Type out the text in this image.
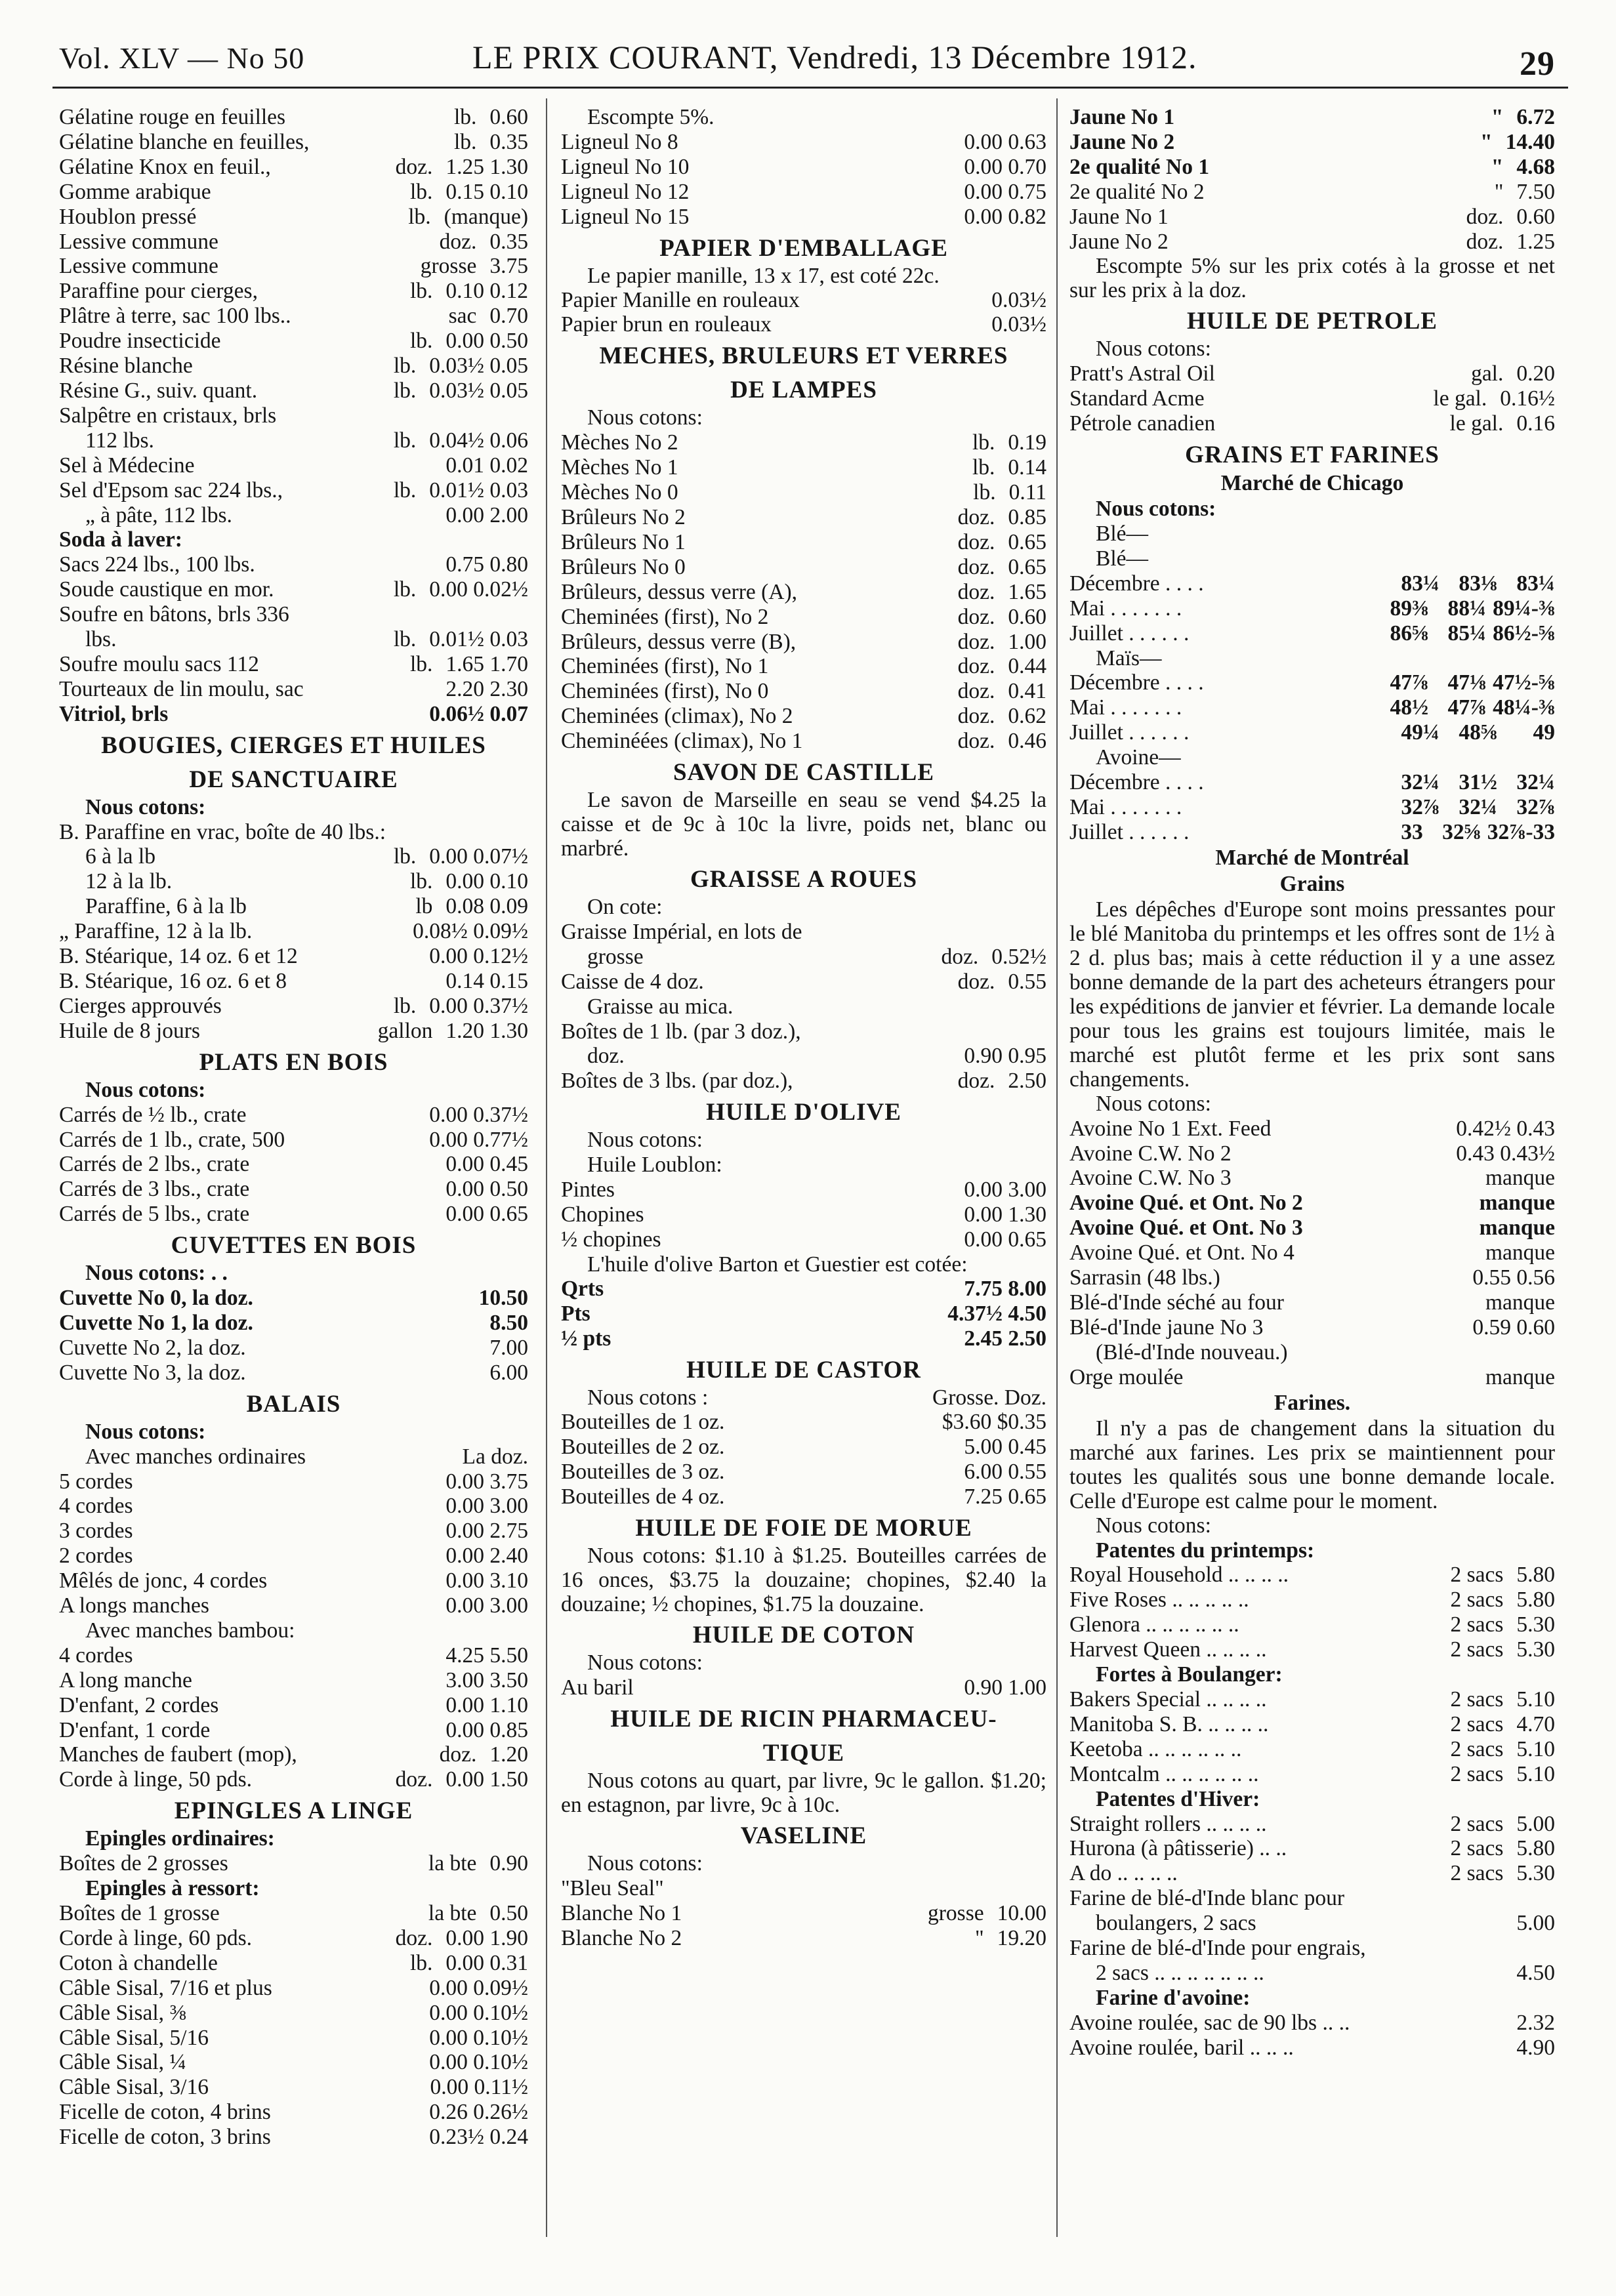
Vol. XLV — No 50	LE PRIX COURANT, Vendredi, 13 Décembre 1912.	29
Gélatine rouge en feuilles	lb. 0.60
Gélatine blanche en feuilles,	lb. 0.35
Gélatine Knox en feuil.,	doz. 1.25 1.30
Gomme arabique	lb. 0.15 0.10
Houblon pressé	lb. (manque)
Lessive commune	doz. 0.35
Lessive commune	grosse 3.75
Paraffine pour cierges,	lb. 0.10 0.12
Plâtre à terre, sac 100 lbs..	sac 0.70
Poudre insecticide	lb. 0.00 0.50
Résine blanche	lb. 0.03½ 0.05
Résine G., suiv. quant.	lb. 0.03½ 0.05
Salpêtre en cristaux, brls
112 lbs.	lb. 0.04½ 0.06
Sel à Médecine	0.01 0.02
Sel d'Epsom sac 224 lbs.,	lb. 0.01½ 0.03
„ à pâte, 112 lbs.	0.00 2.00
Soda à laver:
Sacs 224 lbs., 100 lbs.	0.75 0.80
Soude caustique en mor.	lb. 0.00 0.02½
Soufre en bâtons, brls 336
lbs.	lb. 0.01½ 0.03
Soufre moulu sacs 112	lb. 1.65 1.70
Tourteaux de lin moulu, sac	2.20 2.30
Vitriol, brls	0.06½ 0.07
BOUGIES, CIERGES ET HUILES
DE SANCTUAIRE
Nous cotons:
B. Paraffine en vrac, boîte de 40 lbs.:
6 à la lb	lb. 0.00 0.07½
12 à la lb.	lb. 0.00 0.10
Paraffine, 6 à la lb	lb 0.08 0.09
„ Paraffine, 12 à la lb.	0.08½ 0.09½
B. Stéarique, 14 oz. 6 et 12	0.00 0.12½
B. Stéarique, 16 oz. 6 et 8	0.14 0.15
Cierges approuvés	lb. 0.00 0.37½
Huile de 8 jours	gallon 1.20 1.30
PLATS EN BOIS
Nous cotons:
Carrés de ½ lb., crate	0.00 0.37½
Carrés de 1 lb., crate, 500	0.00 0.77½
Carrés de 2 lbs., crate	0.00 0.45
Carrés de 3 lbs., crate	0.00 0.50
Carrés de 5 lbs., crate	0.00 0.65
CUVETTES EN BOIS
Nous cotons: . .
Cuvette No 0, la doz.	10.50
Cuvette No 1, la doz.	8.50
Cuvette No 2, la doz.	7.00
Cuvette No 3, la doz.	6.00
BALAIS
Nous cotons:
Avec manches ordinaires	La doz.
5 cordes	0.00 3.75
4 cordes	0.00 3.00
3 cordes	0.00 2.75
2 cordes	0.00 2.40
Mêlés de jonc, 4 cordes	0.00 3.10
A longs manches	0.00 3.00
Avec manches bambou:
4 cordes	4.25 5.50
A long manche	3.00 3.50
D'enfant, 2 cordes	0.00 1.10
D'enfant, 1 corde	0.00 0.85
Manches de faubert (mop),	doz. 1.20
Corde à linge, 50 pds.	doz. 0.00 1.50
EPINGLES A LINGE
Epingles ordinaires:
Boîtes de 2 grosses	la bte 0.90
Epingles à ressort:
Boîtes de 1 grosse	la bte 0.50
Corde à linge, 60 pds.	doz. 0.00 1.90
Coton à chandelle	lb. 0.00 0.31
Câble Sisal, 7/16 et plus	0.00 0.09½
Câble Sisal, ⅜	0.00 0.10½
Câble Sisal, 5/16	0.00 0.10½
Câble Sisal, ¼	0.00 0.10½
Câble Sisal, 3/16	0.00 0.11½
Ficelle de coton, 4 brins	0.26 0.26½
Ficelle de coton, 3 brins	0.23½ 0.24
Escompte 5%.
Ligneul No 8	0.00 0.63
Ligneul No 10	0.00 0.70
Ligneul No 12	0.00 0.75
Ligneul No 15	0.00 0.82
PAPIER D'EMBALLAGE
Le papier manille, 13 x 17, est coté 22c.
Papier Manille en rouleaux	0.03½
Papier brun en rouleaux	0.03½
MECHES, BRULEURS ET VERRES
DE LAMPES
Nous cotons:
Mèches No 2	lb. 0.19
Mèches No 1	lb. 0.14
Mèches No 0	lb. 0.11
Brûleurs No 2	doz. 0.85
Brûleurs No 1	doz. 0.65
Brûleurs No 0	doz. 0.65
Brûleurs, dessus verre (A),	doz. 1.65
Cheminées (first), No 2	doz. 0.60
Brûleurs, dessus verre (B),	doz. 1.00
Cheminées (first), No 1	doz. 0.44
Cheminées (first), No 0	doz. 0.41
Cheminées (climax), No 2	doz. 0.62
Cheminéées (climax), No 1	doz. 0.46
SAVON DE CASTILLE
Le savon de Marseille en seau se vend $4.25 la caisse et de 9c à 10c la livre, poids net, blanc ou marbré.
GRAISSE A ROUES
On cote:
Graisse Impérial, en lots de
grosse	doz. 0.52½
Caisse de 4 doz.	doz. 0.55
Graisse au mica.
Boîtes de 1 lb. (par 3 doz.),
doz.	0.90 0.95
Boîtes de 3 lbs. (par doz.),	doz. 2.50
HUILE D'OLIVE
Nous cotons:
Huile Loublon:
Pintes	0.00 3.00
Chopines	0.00 1.30
½ chopines	0.00 0.65
L'huile d'olive Barton et Guestier est cotée:
Qrts	7.75 8.00
Pts	4.37½ 4.50
½ pts	2.45 2.50
HUILE DE CASTOR
Nous cotons :	Grosse. Doz.
Bouteilles de 1 oz.	$3.60 $0.35
Bouteilles de 2 oz.	5.00 0.45
Bouteilles de 3 oz.	6.00 0.55
Bouteilles de 4 oz.	7.25 0.65
HUILE DE FOIE DE MORUE
Nous cotons: $1.10 à $1.25. Bouteilles carrées de 16 onces, $3.75 la douzaine; chopines, $2.40 la douzaine; ½ chopines, $1.75 la douzaine.
HUILE DE COTON
Nous cotons:
Au baril	0.90 1.00
HUILE DE RICIN PHARMACEU-
TIQUE
Nous cotons au quart, par livre, 9c le gallon. $1.20; en estagnon, par livre, 9c à 10c.
VASELINE
Nous cotons:
"Bleu Seal"
Blanche No 1	grosse 10.00
Blanche No 2	" 19.20
Jaune No 1	" 6.72
Jaune No 2	" 14.40
2e qualité No 1	" 4.68
2e qualité No 2	" 7.50
Jaune No 1	doz. 0.60
Jaune No 2	doz. 1.25
Escompte 5% sur les prix cotés à la grosse et net sur les prix à la doz.
HUILE DE PETROLE
Nous cotons:
Pratt's Astral Oil	gal. 0.20
Standard Acme	le gal. 0.16½
Pétrole canadien	le gal. 0.16
GRAINS ET FARINES
Marché de Chicago
Nous cotons:
Blé—
Blé—
Décembre . . . .	83¼ 83⅛ 83¼
Mai . . . . . . .	89⅜ 88¼ 89¼-⅜
Juillet . . . . . .	86⅝ 85¼ 86½-⅝
Maïs—
Décembre . . . .	47⅞ 47⅛ 47½-⅝
Mai . . . . . . .	48½ 47⅞ 48¼-⅜
Juillet . . . . . .	49¼ 48⅝	49
Avoine—
Décembre . . . .	32¼ 31½ 32¼
Mai . . . . . . .	32⅞ 32¼ 32⅞
Juillet . . . . . .	33 32⅝ 32⅞-33
Marché de Montréal
Grains
Les dépêches d'Europe sont moins pressantes pour le blé Manitoba du printemps et les offres sont de 1½ à 2 d. plus bas; mais à cette réduction il y a une assez bonne demande de la part des acheteurs étrangers pour les expéditions de janvier et février. La demande locale pour tous les grains est toujours limitée, mais le marché est plutôt ferme et les prix sont sans changements.
Nous cotons:
Avoine No 1 Ext. Feed	0.42½ 0.43
Avoine C.W. No 2	0.43 0.43½
Avoine C.W. No 3	manque
Avoine Qué. et Ont. No 2	manque
Avoine Qué. et Ont. No 3	manque
Avoine Qué. et Ont. No 4	manque
Sarrasin (48 lbs.)	0.55 0.56
Blé-d'Inde séché au four	manque
Blé-d'Inde jaune No 3	0.59 0.60
(Blé-d'Inde nouveau.)
Orge moulée	manque
Farines.
Il n'y a pas de changement dans la situation du marché aux farines. Les prix se maintiennent pour toutes les qualités sous une bonne demande locale. Celle d'Europe est calme pour le moment.
Nous cotons:
Patentes du printemps:
Royal Household .. .. .. ..	2 sacs 5.80
Five Roses .. .. .. .. ..	2 sacs 5.80
Glenora .. .. .. .. .. ..	2 sacs 5.30
Harvest Queen .. .. .. ..	2 sacs 5.30
Fortes à Boulanger:
Bakers Special .. .. .. ..	2 sacs 5.10
Manitoba S. B. .. .. .. ..	2 sacs 4.70
Keetoba .. .. .. .. .. ..	2 sacs 5.10
Montcalm .. .. .. .. .. ..	2 sacs 5.10
Patentes d'Hiver:
Straight rollers .. .. .. ..	2 sacs 5.00
Hurona (à pâtisserie) .. ..	2 sacs 5.80
A do .. .. .. ..	2 sacs 5.30
Farine de blé-d'Inde blanc pour
boulangers, 2 sacs	5.00
Farine de blé-d'Inde pour engrais,
2 sacs .. .. .. .. .. .. ..	4.50
Farine d'avoine:
Avoine roulée, sac de 90 lbs .. ..	2.32
Avoine roulée, baril .. .. ..	4.90
